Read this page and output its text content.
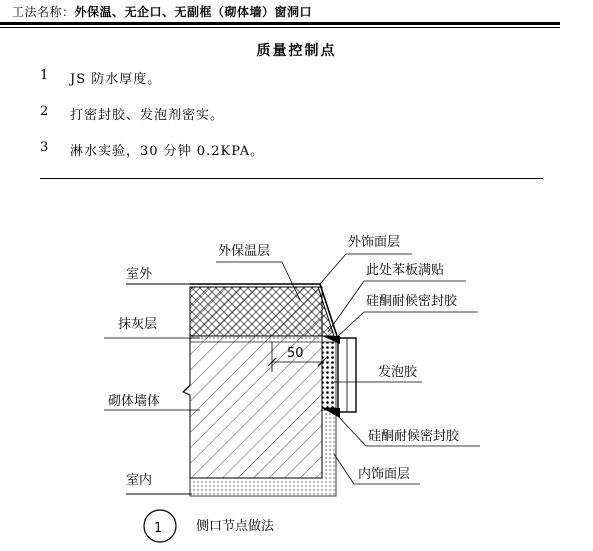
工法名称：外保温、无企口、无副框（砌体墙）窗洞口
质量控制点
1	JS 防水厚度。
2	打密封胶、发泡剂密实。
3	淋水实验，30 分钟 0.2KPA。
50
室外
抹灰层
砌体墙体
室内
外保温层
外饰面层
此处苯板满贴
硅酮耐候密封胶
发泡胶
硅酮耐候密封胶
内饰面层
1	侧口节点做法
